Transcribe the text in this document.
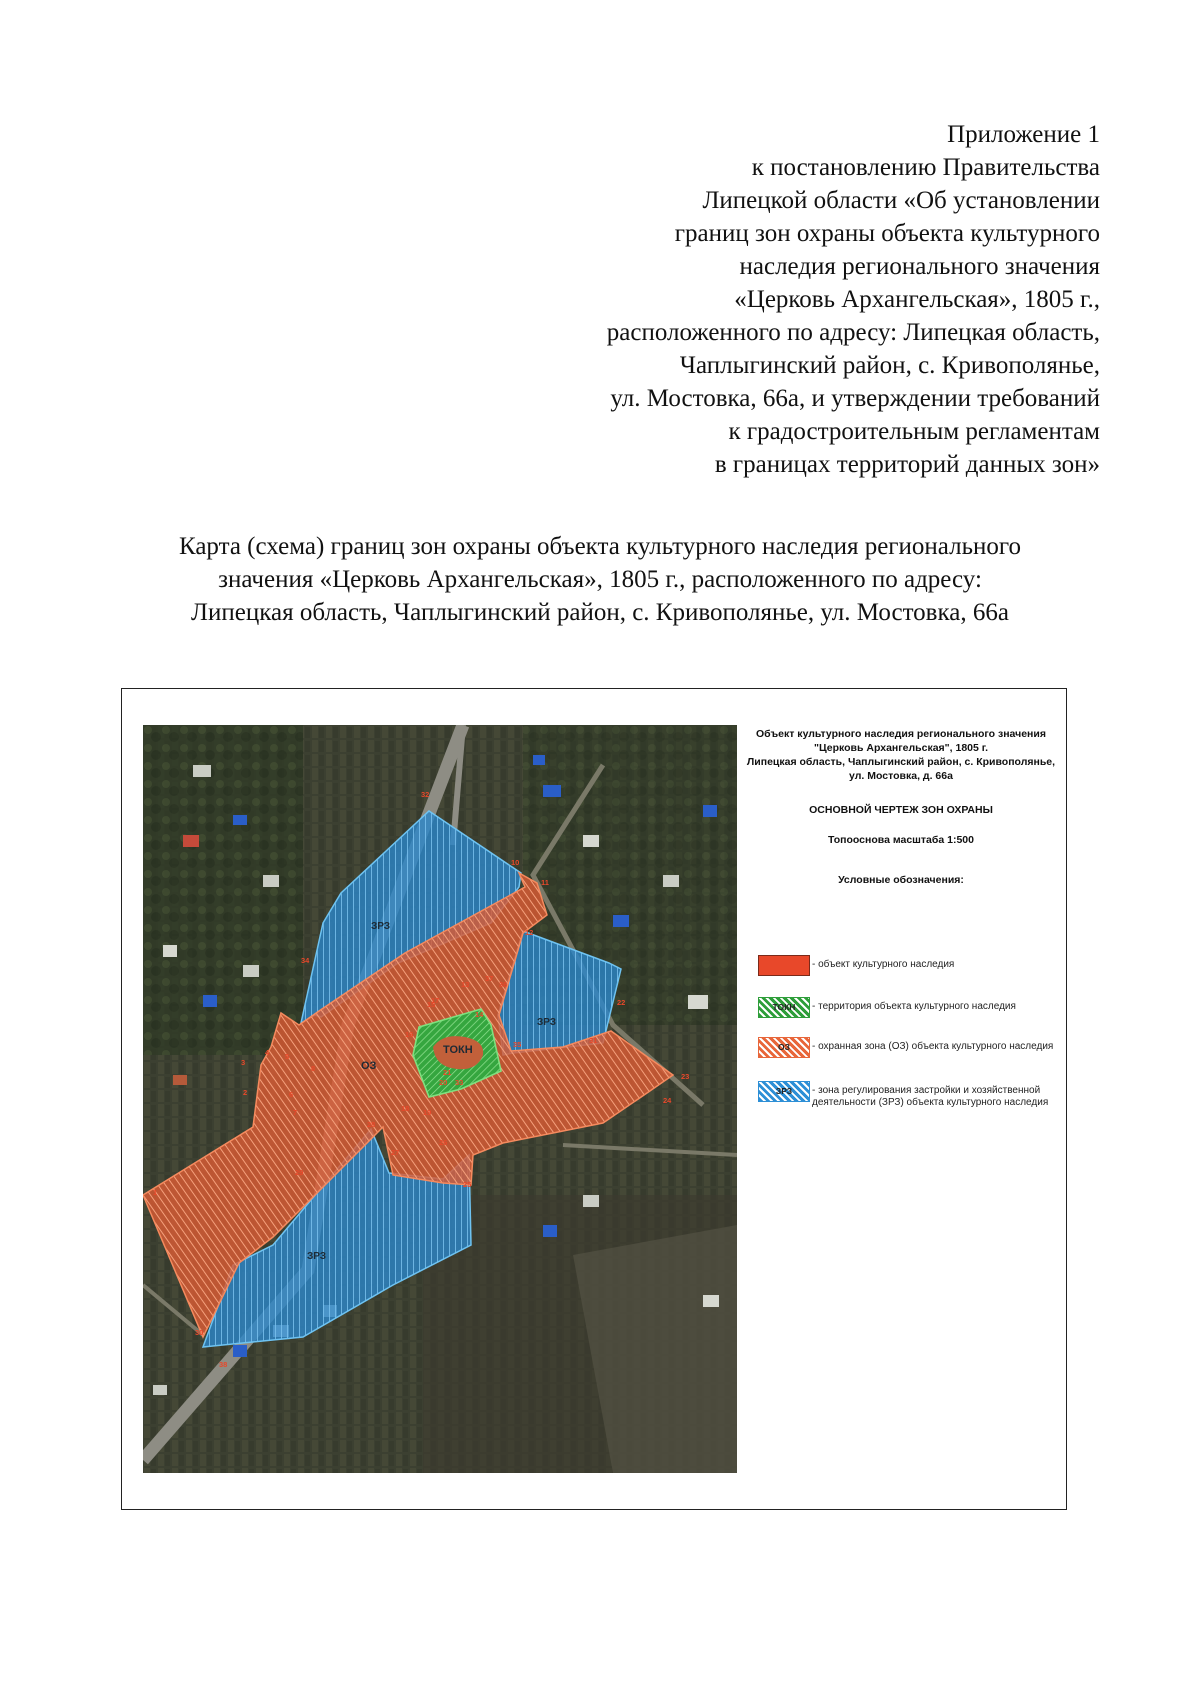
Приложение 1
к постановлению Правительства
Липецкой области «Об установлении
границ зон охраны объекта культурного
наследия регионального значения
«Церковь Архангельская», 1805 г.,
расположенного по адресу: Липецкая область,
Чаплыгинский район, с. Кривополянье,
ул. Мостовка, 66а, и утверждении требований
к градостроительным регламентам
в границах территорий данных зон»
Карта (схема) границ зон охраны объекта культурного наследия регионального
значения «Церковь Архангельская», 1805 г., расположенного по адресу:
Липецкая область, Чаплыгинский район, с. Кривополянье, ул. Мостовка, 66а
ЗРЗ
ЗРЗ
ЗРЗ
ОЗ
ТОКН
1
2
3
4 5
6
7
8
10
11
12
13
14
15
16
17
18 19
20
21
22
23
24
25
26
27
28
29
30
31
32
33
34
35
36
37
38
Объект культурного наследия регионального значения
"Церковь Архангельская", 1805 г.
Липецкая область, Чаплыгинский район, с. Кривополянье,
ул. Мостовка, д. 66а
ОСНОВНОЙ ЧЕРТЕЖ ЗОН ОХРАНЫ
Топооснова масштаба 1:500
Условные обозначения:
- объект культурного наследия
ТОКН	- территория объекта культурного наследия
ОЗ	- охранная зона (ОЗ) объекта культурного наследия
ЗРЗ	- зона регулирования застройки и хозяйственной
деятельности (ЗРЗ) объекта культурного наследия
